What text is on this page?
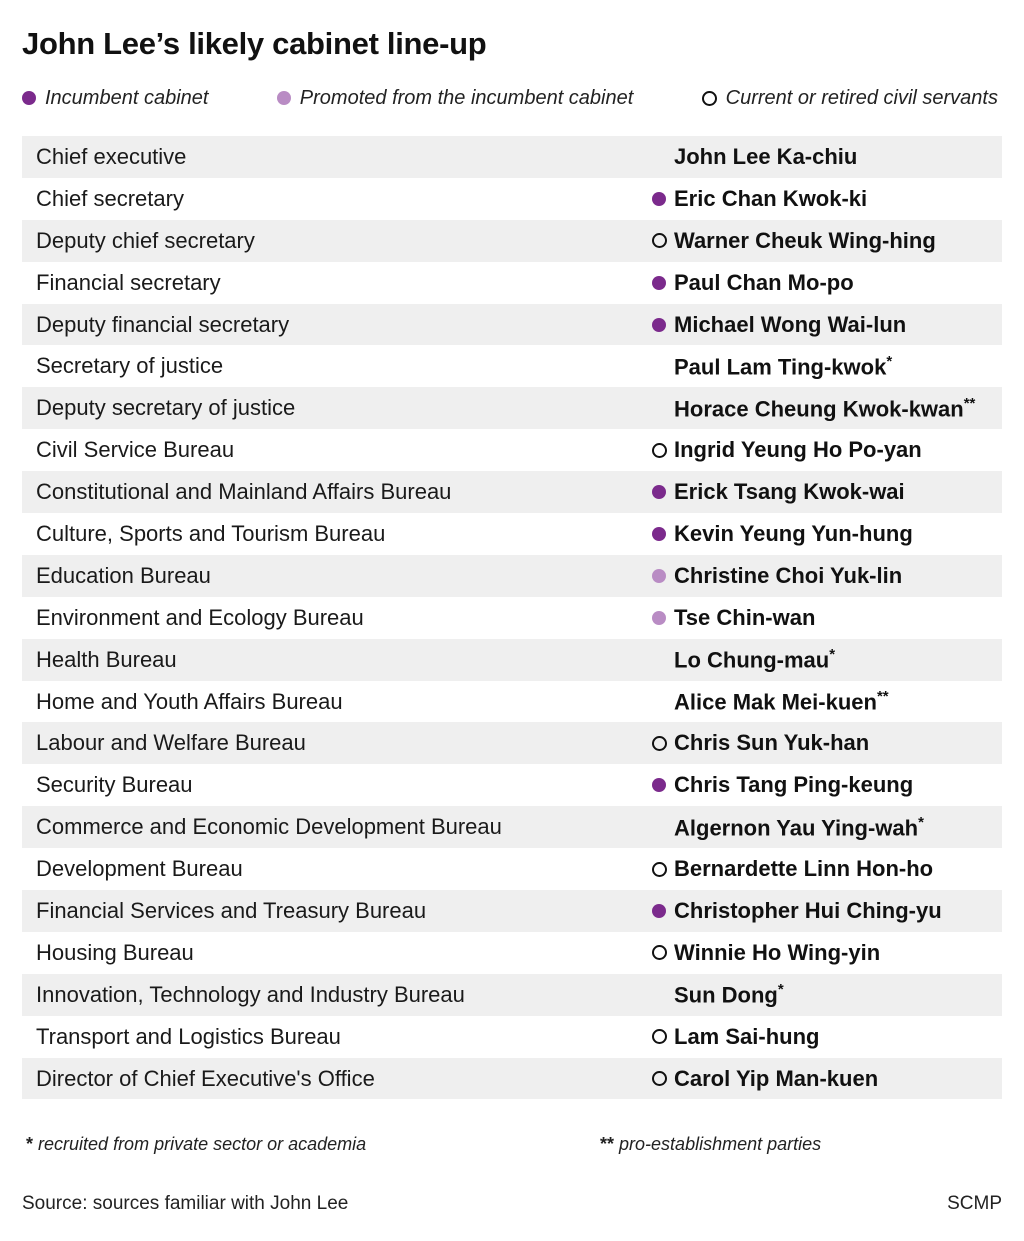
John Lee’s likely cabinet line-up
Incumbent cabinet	Promoted from the incumbent cabinet	Current or retired civil servants
Chief executive	John Lee Ka-chiu
Chief secretary	Eric Chan Kwok-ki
Deputy chief secretary	Warner Cheuk Wing-hing
Financial secretary	Paul Chan Mo-po
Deputy financial secretary	Michael Wong Wai-lun
Secretary of justice	Paul Lam Ting-kwok*
Deputy secretary of justice	Horace Cheung Kwok-kwan**
Civil Service Bureau	Ingrid Yeung Ho Po-yan
Constitutional and Mainland Affairs Bureau	Erick Tsang Kwok-wai
Culture, Sports and Tourism Bureau	Kevin Yeung Yun-hung
Education Bureau	Christine Choi Yuk-lin
Environment and Ecology Bureau	Tse Chin-wan
Health Bureau	Lo Chung-mau*
Home and Youth Affairs Bureau	Alice Mak Mei-kuen**
Labour and Welfare Bureau	Chris Sun Yuk-han
Security Bureau	Chris Tang Ping-keung
Commerce and Economic Development Bureau	Algernon Yau Ying-wah*
Development Bureau	Bernardette Linn Hon-ho
Financial Services and Treasury Bureau	Christopher Hui Ching-yu
Housing Bureau	Winnie Ho Wing-yin
Innovation, Technology and Industry Bureau	Sun Dong*
Transport and Logistics Bureau	Lam Sai-hung
Director of Chief Executive's Office	Carol Yip Man-kuen
* recruited from private sector or academia	** pro-establishment parties
Source: sources familiar with John Lee	SCMP
